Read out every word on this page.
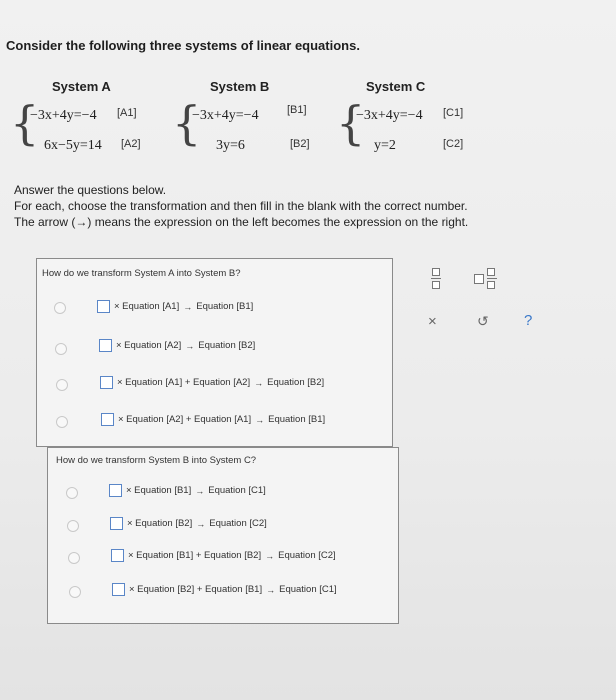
Consider the following three systems of linear equations.
System A
{
−3x+4y=−4 [A1]
6x−5y=14 [A2]
System B
{
−3x+4y=−4	[B1]
3y=6	[B2]
System C
{
−3x+4y=−4 [C1]
y=2	[C2]
Answer the questions below.
For each, choose the transformation and then fill in the blank with the correct number.
The arrow (→) means the expression on the left becomes the expression on the right.
How do we transform System A into System B?
× Equation [A1] → Equation [B1]
× Equation [A2] → Equation [B2]
× Equation [A1] + Equation [A2] → Equation [B2]
× Equation [A2] + Equation [A1] → Equation [B1]
How do we transform System B into System C?
× Equation [B1] → Equation [C1]
× Equation [B2] → Equation [C2]
× Equation [B1] + Equation [B2] → Equation [C2]
× Equation [B2] + Equation [B1] → Equation [C1]
×	↺ ?
